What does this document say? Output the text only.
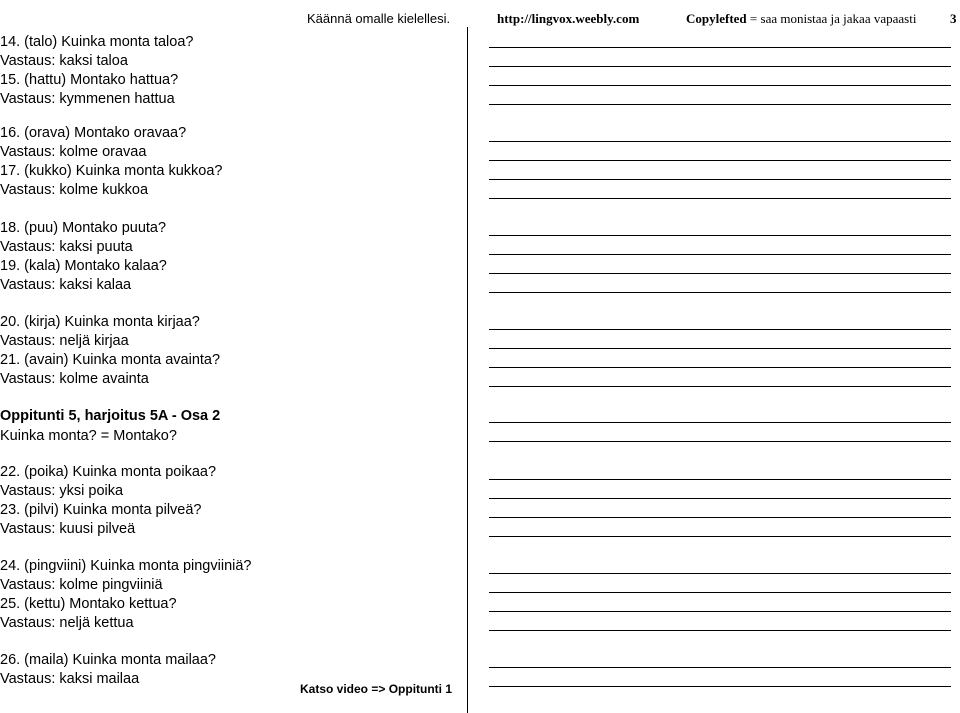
Käännä omalle kielellesi.	http://lingvox.weebly.com	Copylefted = saa monistaa ja jakaa vapaasti	3
14. (talo) Kuinka monta taloa?
Vastaus: kaksi taloa
15. (hattu) Montako hattua?
Vastaus: kymmenen hattua
16. (orava) Montako oravaa?
Vastaus: kolme oravaa
17. (kukko) Kuinka monta kukkoa?
Vastaus: kolme kukkoa
18. (puu) Montako puuta?
Vastaus: kaksi puuta
19. (kala) Montako kalaa?
Vastaus: kaksi kalaa
20. (kirja) Kuinka monta kirjaa?
Vastaus: neljä kirjaa
21. (avain) Kuinka monta avainta?
Vastaus: kolme avainta
Oppitunti 5, harjoitus 5A - Osa 2
Kuinka monta? = Montako?
22. (poika) Kuinka monta poikaa?
Vastaus: yksi poika
23. (pilvi) Kuinka monta pilveä?
Vastaus: kuusi pilveä
24. (pingviini) Kuinka monta pingviiniä?
Vastaus: kolme pingviiniä
25. (kettu) Montako kettua?
Vastaus: neljä kettua
26. (maila) Kuinka monta mailaa?
Vastaus: kaksi mailaa
Katso video => Oppitunti 1
